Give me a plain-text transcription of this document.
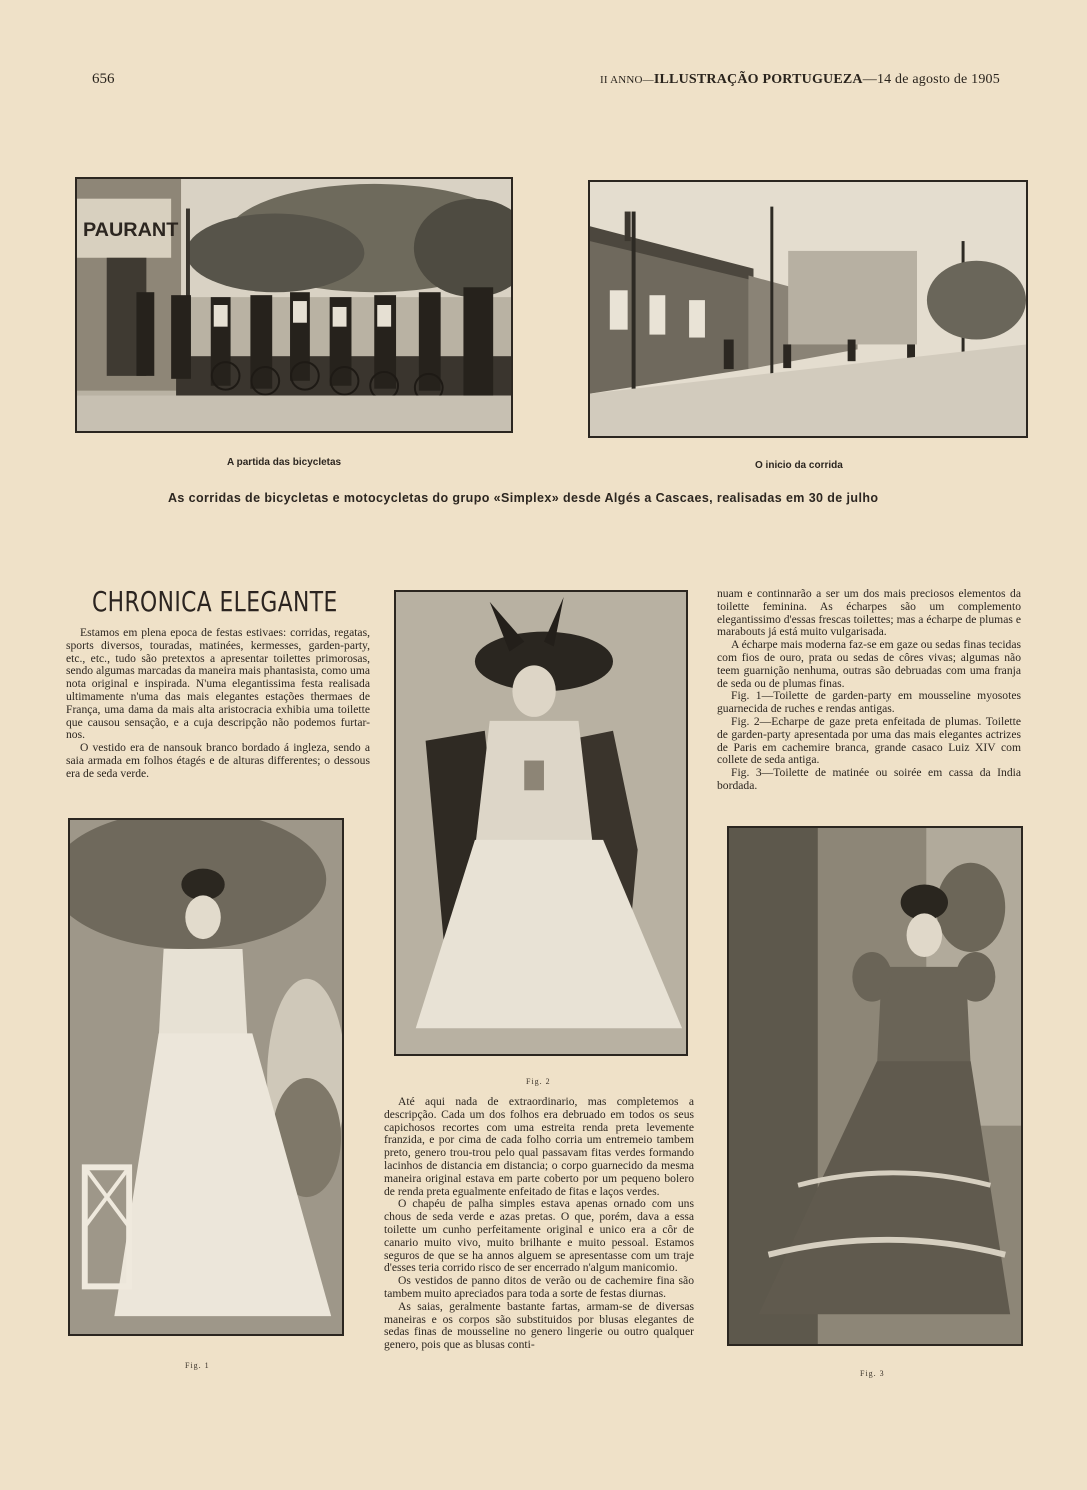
656	II ANNO—ILLUSTRAÇÃO PORTUGUEZA—14 de agosto de 1905
PAURANT
A partida das bicycletas	O inicio da corrida
As corridas de bicycletas e motocycletas do grupo «Simplex» desde Algés a Cascaes, realisadas em 30 de julho
CHRONICA ELEGANTE

Estamos em plena epoca de festas estivaes: corridas, regatas, sports diversos, touradas, matinées, kermesses, garden-party, etc., etc., tudo são pretextos a apresentar toilettes primorosas, sendo algumas marcadas da maneira mais phantasista, como uma nota original e inspirada. N'uma elegantissima festa realisada ultimamente n'uma das mais elegantes estações thermaes de França, uma dama da mais alta aristocracia exhibia uma toilette que causou sensação, e a cuja descripção não podemos furtar-nos.

O vestido era de nansouk branco bordado á ingleza, sendo a saia armada em folhos étagés e de alturas differentes; o dessous era de seda verde.

Fig. 2

nuam e continnarão a ser um dos mais preciosos elementos da toilette feminina. As écharpes são um complemento elegantissimo d'essas frescas toilettes; mas a écharpe de plumas e marabouts já está muito vulgarisada.

A écharpe mais moderna faz-se em gaze ou sedas finas tecidas com fios de ouro, prata ou sedas de côres vivas; algumas não teem guarnição nenhuma, outras são debruadas com uma franja de seda ou de plumas finas.

Fig. 1—Toilette de garden-party em mousseline myosotes guarnecida de ruches e rendas antigas.

Fig. 2—Echarpe de gaze preta enfeitada de plumas. Toilette de garden-party apresentada por uma das mais elegantes actrizes de Paris em cachemire branca, grande casaco Luiz XIV com collete de seda antiga.

Fig. 3—Toilette de matinée ou soirée em cassa da India bordada.

Fig. 1

Até aqui nada de extraordinario, mas completemos a descripção. Cada um dos folhos era debruado em todos os seus capichosos recortes com uma estreita renda preta levemente franzida, e por cima de cada folho corria um entremeio tambem preto, genero trou-trou pelo qual passavam fitas verdes formando lacinhos de distancia em distancia; o corpo guarnecido da mesma maneira original estava em parte coberto por um pequeno bolero de renda preta egualmente enfeitado de fitas e laços verdes.

O chapéu de palha simples estava apenas ornado com uns chous de seda verde e azas pretas. O que, porém, dava a essa toilette um cunho perfeitamente original e unico era a côr de canario muito vivo, muito brilhante e muito pessoal. Estamos seguros de que se ha annos alguem se apresentasse com um traje d'esses teria corrido risco de ser encerrado n'algum manicomio.

Os vestidos de panno ditos de verão ou de cachemire fina são tambem muito apreciados para toda a sorte de festas diurnas.

As saias, geralmente bastante fartas, armam-se de diversas maneiras e os corpos são substituidos por blusas elegantes de sedas finas de mousseline no genero lingerie ou outro qualquer genero, pois que as blusas conti-

Fig. 3
